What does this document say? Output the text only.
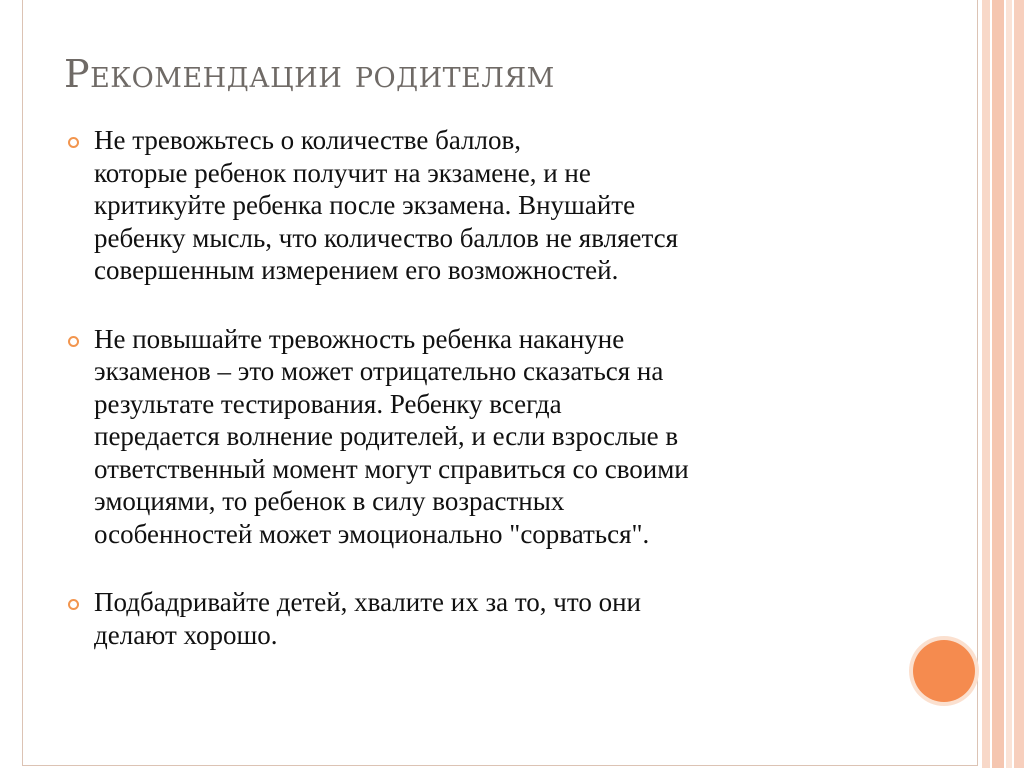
Рекомендации родителям
Не тревожьтесь о количестве баллов,
которые ребенок получит на экзамене, и не
критикуйте ребенка после экзамена. Внушайте
ребенку мысль, что количество баллов не является
совершенным измерением его возможностей.
Не повышайте тревожность ребенка накануне
экзаменов – это может отрицательно сказаться на
результате тестирования. Ребенку всегда
передается волнение родителей, и если взрослые в
ответственный момент могут справиться со своими
эмоциями, то ребенок в силу возрастных
особенностей может эмоционально "сорваться".
Подбадривайте детей, хвалите их за то, что они
делают хорошо.
